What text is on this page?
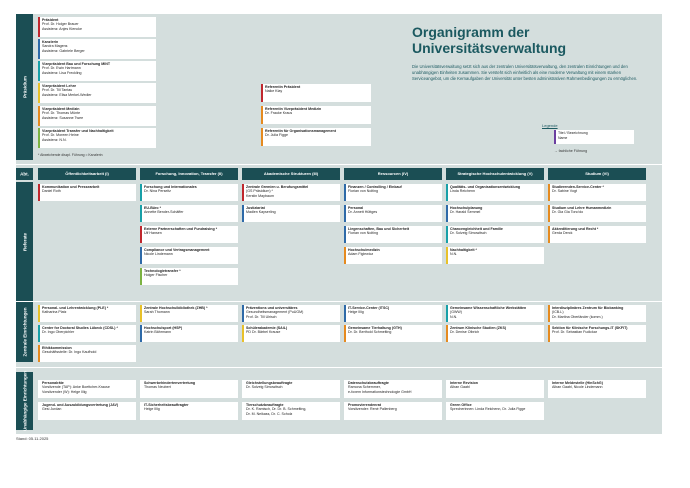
Präsidium
Abt.
Referate
Zentrale Einrichtungen
Unabhängige Einrichtungen
Organigramm der
Universitätsverwaltung
Die Universitätsverwaltung setzt sich aus der zentralen Universitätsverwaltung, den zentralen Einrichtungen und den unabhängigen Einheiten zusammen. Sie versteht sich einheitlich als eine moderne Verwaltung mit einem starken Serviceangebot, um die Kernaufgaben der Universität unter besten administrativen Rahmenbedingungen zu ermöglichen.
Legende
Titel / Bezeichnung
Name
→ fachliche Führung
* Abweichende diszpl. Führung = Kanzlerin
Präsident
Prof. Dr. Holger Brauer
Assistenz: Anjes Kiencke
Kanzlerin
Sandra Magens
Assistenz: Gabriele Berger
Vizepräsident Bau und Forschung MINT
Prof. Dr. Ewin Hartmann
Assistenz: Lisa Freckling
Vizepräsident Lehre
Prof. Dr. Till Tantau
Assistenz: Elisa Merkel-Wedler
Vizepräsident Medizin
Prof. Dr. Thomas Münte
Assistenz: Susanne Twee
Vizepräsident Transfer und Nachhaltigkeit
Prof. Dr. Moreen Heine
Assistenz: N.N.
Referentin Präsident
Naike Klay
Referentin Vizepräsident Medizin
Dr. Frauke Kraus
Referentin für Organisationsmanagement
Dr. Julia Figge
Öffentlichkeitsarbeit (I)	Forschung, Innovation, Transfer (II)	Akademische Strukturen (III)	Ressourcen (IV)	Strategische Hochschulentwicklung (V)	Studium (VI)
Kommunikation und Pressearbeit
Daniel Roth
Forschung und Internationales
Dr. Nina Perseitz
EU-Büro *
Annette Bender-Schäffer
Externe Partnerschaften und Fundraising *
Ulf Hansen
Compliance und Vertragsmanagement
Nicole Lindemann
Technologietransfer *
Holger Fischer
Zentrale Gremien u. Berufungsmittel
(GS Präsidium) *
Kerstin Maybaum
Justiziariat
Madlen Kayserling
Finanzen / Controlling / Einkauf
Florian von Nolting
Personal
Dr. Annett Hüttges
Liegenschaften, Bau und Sicherheit
Florian von Nolting
Hochschulmedizin
Adam Figlewicz
Qualitäts- und Organisationsentwicklung
Linda Reichenn
Hochschulplanung
Dr. Harald Semmel
Chancengleichheit und Familie
Dr. Solveig Simowitsch
Nachhaltigkeit *
N.N.
Studierenden-Service-Center *
Dr. Sabine Vogt
Studium und Lehre Humanmedizin
Dr. Gia Gia Tono'do
Akkreditierung und Recht *
Gerda Derck
Personal- und Lehrentwicklung (PLE) *
Katharina Platz
Center for Doctoral Studies Lübeck (CDSL) *
Dr. Ingo Oberpichler
Ethikkommission
Geschäftsstelle: Dr. Ingo Kaufhold
Zentrale Hochschulbibliothek (ZHB) *
Sarah Thomann
Hochschulsport (HSP)
Katrin Bährmann
Präventions und universitäres
Gesundheitsmanagement (PuUGM)
Prof. Dr. Till Ulrisch
Schülerakademie (SAiL)
PD Dr. Bärbel Krause
IT-Service-Center (ITSC)
Helge Illig
Gemeinsame Tierhaltung (GTH)
Dr. Dr. Berthold Schmelting
Gemeinsame Wissenschaftliche Werkstätten
(GWW)
N.N.
Zentrum Klinische Studien (ZKS)
Dr. Denise Olbrich
Interdisziplinäres Zentrum für Biobanking
(ICB-L)
Dr. Martina Oberländer (komm.)
Sektion für Klinische Forschungs-IT (SKFIT)
Prof. Dr. Sebastian Fudickar
Personalräte
Vorsitzende (TAP): Anke Boettcher-Krause
Vorsitzender (W): Helge Illig
Jugend- und Auszubildungsvertretung (JAV)
Gesi Jurdan
Schwerbehindertenvertretung
Thomas Neubert
IT-Sicherheitsbeauftragter
Helge Illig
Gleichstellungsbeauftragte
Dr. Solveig Simowitsch
Tierschutzbeauftragte
Dr. K. Ramisch, Dr. Dr. B. Schmelting,
Dr. M. Neikass, Dr. C. Scholz
Datenschutzbeauftragte
Ramona Schemmer,
e-foxem Informationstechnologie GmbH
Promovierendenrat
Vorsitzender: René Pallenberg
Interne Revision
Alban Gaabl
Green Office
Sprecherinnen: Linda Reichenn, Dr. Julia Figge
Interne Meldestelle (HinSchG)
Alban Gaabl, Nicole Lindemann
Stand: 05.11.2025
